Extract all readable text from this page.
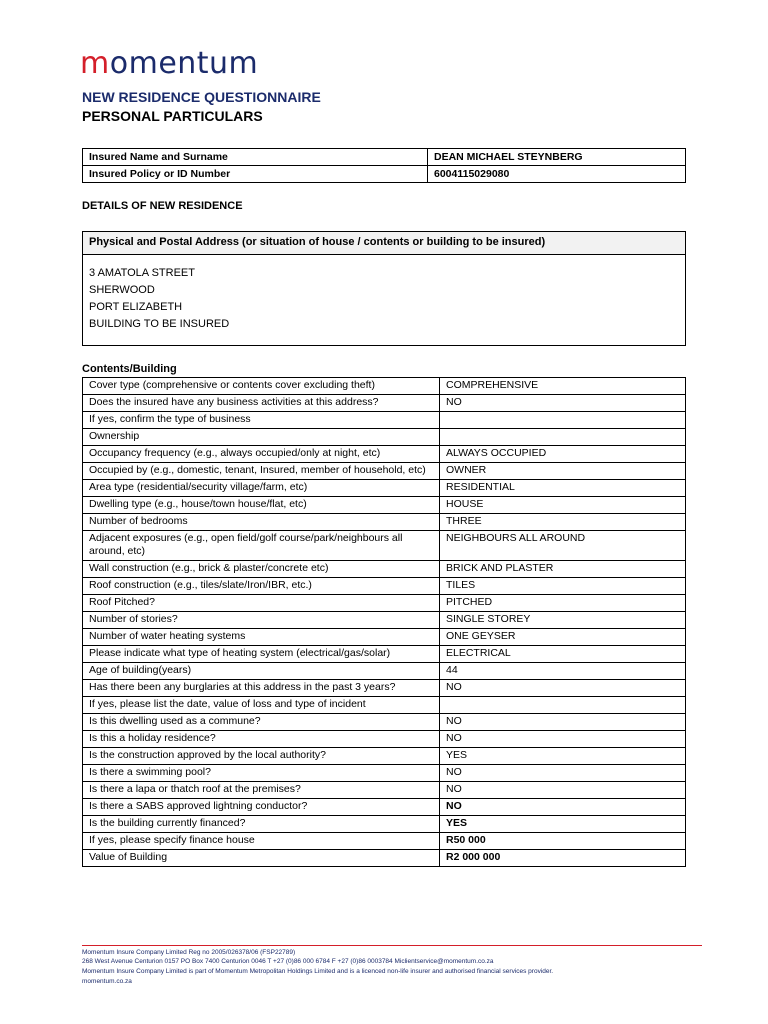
momentum
NEW RESIDENCE QUESTIONNAIRE
PERSONAL PARTICULARS
Insured Name and Surname	DEAN MICHAEL STEYNBERG
Insured Policy or ID Number	6004115029080
DETAILS OF NEW RESIDENCE
Physical and Postal Address (or situation of house / contents or building to be insured)
3 AMATOLA STREET
SHERWOOD
PORT ELIZABETH
BUILDING TO BE INSURED
Contents/Building
Cover type (comprehensive or contents cover excluding theft)	COMPREHENSIVE
Does the insured have any business activities at this address?	NO
If yes, confirm the type of business	
Ownership	
Occupancy frequency (e.g., always occupied/only at night, etc)	ALWAYS OCCUPIED
Occupied by (e.g., domestic, tenant, Insured, member of household, etc)	OWNER
Area type (residential/security village/farm, etc)	RESIDENTIAL
Dwelling type (e.g., house/town house/flat, etc)	HOUSE
Number of bedrooms	THREE
Adjacent exposures (e.g., open field/golf course/park/neighbours all around, etc)	NEIGHBOURS ALL AROUND
Wall construction (e.g., brick & plaster/concrete etc)	BRICK AND PLASTER
Roof construction (e.g., tiles/slate/Iron/IBR, etc.)	TILES
Roof Pitched?	PITCHED
Number of stories?	SINGLE STOREY
Number of water heating systems	ONE GEYSER
Please indicate what type of heating system (electrical/gas/solar)	ELECTRICAL
Age of building(years)	44
Has there been any burglaries at this address in the past 3 years?	NO
If yes, please list the date, value of loss and type of incident	
Is this dwelling used as a commune?	NO
Is this a holiday residence?	NO
Is the construction approved by the local authority?	YES
Is there a swimming pool?	NO
Is there a lapa or thatch roof at the premises?	NO
Is there a SABS approved lightning conductor?	NO
Is the building currently financed?	YES
If yes, please specify finance house	R50 000
Value of Building	R2 000 000
Momentum Insure Company Limited Reg no 2005/026378/06 (FSP22789)
268 West Avenue Centurion 0157 PO Box 7400 Centurion 0046 T +27 (0)86 000 6784 F +27 (0)86 0003784 Miclientservice@momentum.co.za
Momentum Insure Company Limited is part of Momentum Metropolitan Holdings Limited and is a licenced non-life insurer and authorised financial services provider.
momentum.co.za
